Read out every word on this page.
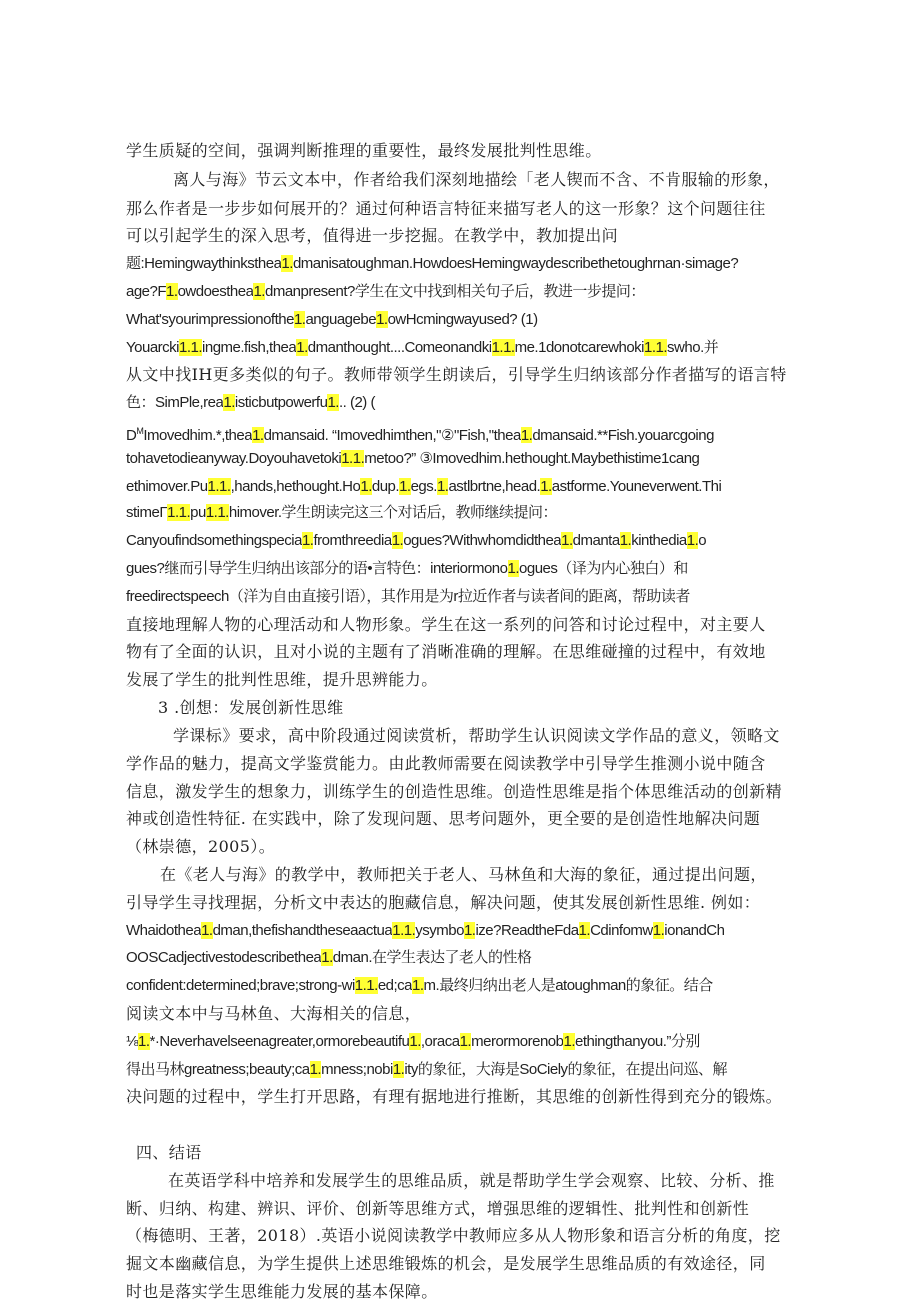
学生质疑的空间，强调判断推理的重要性，最终发展批判性思维。
离人与海》节云文本中，作者给我们深刻地描绘「老人锲而不含、不肯服输的形象，
那么作者是一步步如何展开的？通过何种语言特征来描写老人的这一形象？这个问题往往
可以引起学生的深入思考，值得进一步挖掘。在教学中，教加提出问
题:Hemingwaythinksthea1.dmanisatoughman.HowdoesHemingwaydescribethetoughrnan·simage?
age?F1.owdoesthea1.dmanpresent?学生在文中找到相关句子后，教进一步提问：
What'syourimpressionofthe1.anguagebe1.owHcmingwayused? (1)
Youarcki1.1.ingme.fish,thea1.dmanthought....Comeonandki1.1.me.1donotcarewhoki1.1.swho.并
从文中找IH更多类似的句子。教师带领学生朗读后，引导学生归纳该部分作者描写的语言特
色：SimPle,rea1.isticbutpowerfu1... (2) (
$D^MImovedhim.*,thea1.dmansaid$. “Imovedhimthen,"②"Fish,"thea1.dmansaid.**Fish.youarcgoing
tohavetodieanyway.Doyouhavetoki1.1.metoo?” ③Imovedhim.hethought.Maybethistime1cang
ethimover.Pu1.1.,hands,hethought.Ho1.dup.1.egs.1.astlbrtne,head.1.astforme.Youneverwent.Thi
stimeΓ1.1.pu1.1.himover.学生朗读完这三个对话后，教师继续提问：
Canyoufindsomethingspecia1.fromthreedia1.ogues?Withwhomdidthea1.dmanta1.kinthedia1.o
gues?继而引导学生归纳出该部分的语•言特色：interiormono1.ogues（译为内心独白）和
freedirectspeech（洋为自由直接引语），其作用是为r拉近作者与读者间的距离，帮助读者
直接地理解人物的心理活动和人物形象。学生在这一系列的问答和讨论过程中，对主要人
物有了全面的认识，且对小说的主题有了消晰准确的理解。在思维碰撞的过程中，有效地
发展了学生的批判性思维，提升思辨能力。
3 .创想：发展创新性思维
学课标》要求，高中阶段通过阅读赏析，帮助学生认识阅读文学作品的意义，领略文
学作品的魅力，提高文学鉴赏能力。由此教师需要在阅读教学中引导学生推测小说中随含
信息，激发学生的想象力，训练学生的创造性思维。创造性思维是指个体思维活动的创新精
神或创造性特征. 在实践中，除了发现问题、思考问题外，更全要的是创造性地解决问题
（林崇德，2005）。
在《老人与海》的教学中，教师把关于老人、马林鱼和大海的象征，通过提出问题，
引导学生寻找理据，分析文中表达的胞藏信息，解决问题，使其发展创新性思维. 例如：
Whaidothea1.dman,thefishandtheseaactua1.1.ysymbo1.ize?ReadtheFda1.Cdinfomw1.ionandCh
OOSCadjectivestodescribethea1.dman.在学生表达了老人的性格
confident:determined;brave;strong-wi1.1.ed;ca1.m.最终归纳出老人是atoughman的象征。结合
阅读文本中与马林鱼、大海相关的信息，
⅛1.*·Neverhavelseenagreater,ormorebeautifu1.,oraca1.merormorenob1.ethingthanyou.”分别
得出马林greatness;beauty;ca1.mness;nobi1.ity的象征，大海是SoCiely的象征，在提出问巡、解
决问题的过程中，学生打开思路，有理有据地进行推断，其思维的创新性得到充分的锻炼。
四、结语
在英语学科中培养和发展学生的思维品质，就是帮助学生学会观察、比较、分析、推
断、归纳、构建、辨识、评价、创新等思维方式，增强思维的逻辑性、批判性和创新性
（梅德明、王著，2018）.英语小说阅读教学中教师应多从人物形象和语言分析的角度，挖
掘文本幽藏信息，为学生提供上述思维锻炼的机会，是发展学生思维品质的有效途径，同
时也是落实学生思维能力发展的基本保障。
